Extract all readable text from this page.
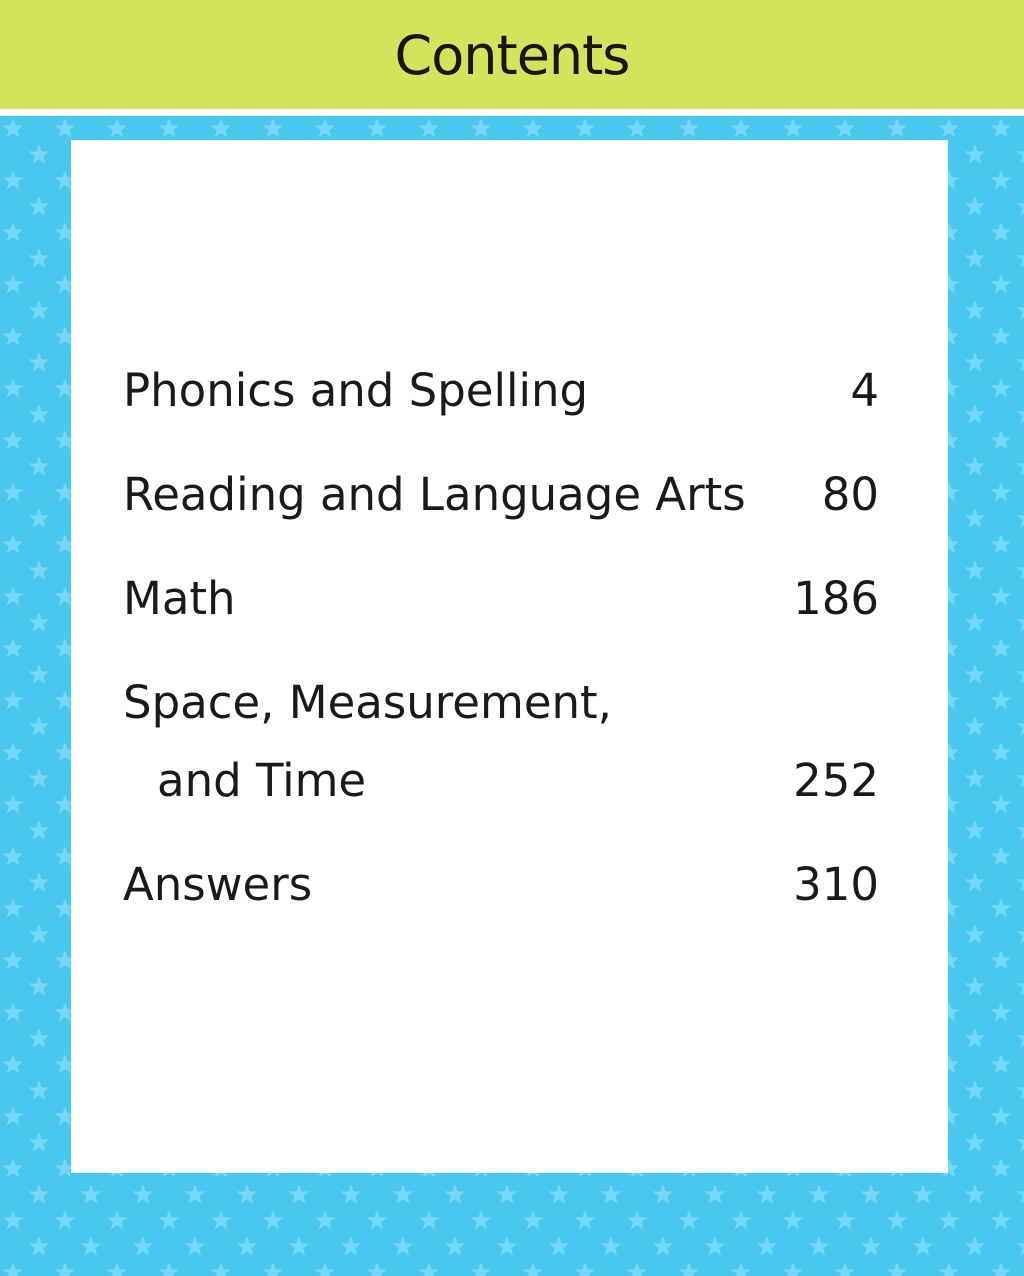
Contents
Phonics and Spelling	4
Reading and Language Arts 80
Math	186
Space, Measurement,
and Time	252
Answers	310
